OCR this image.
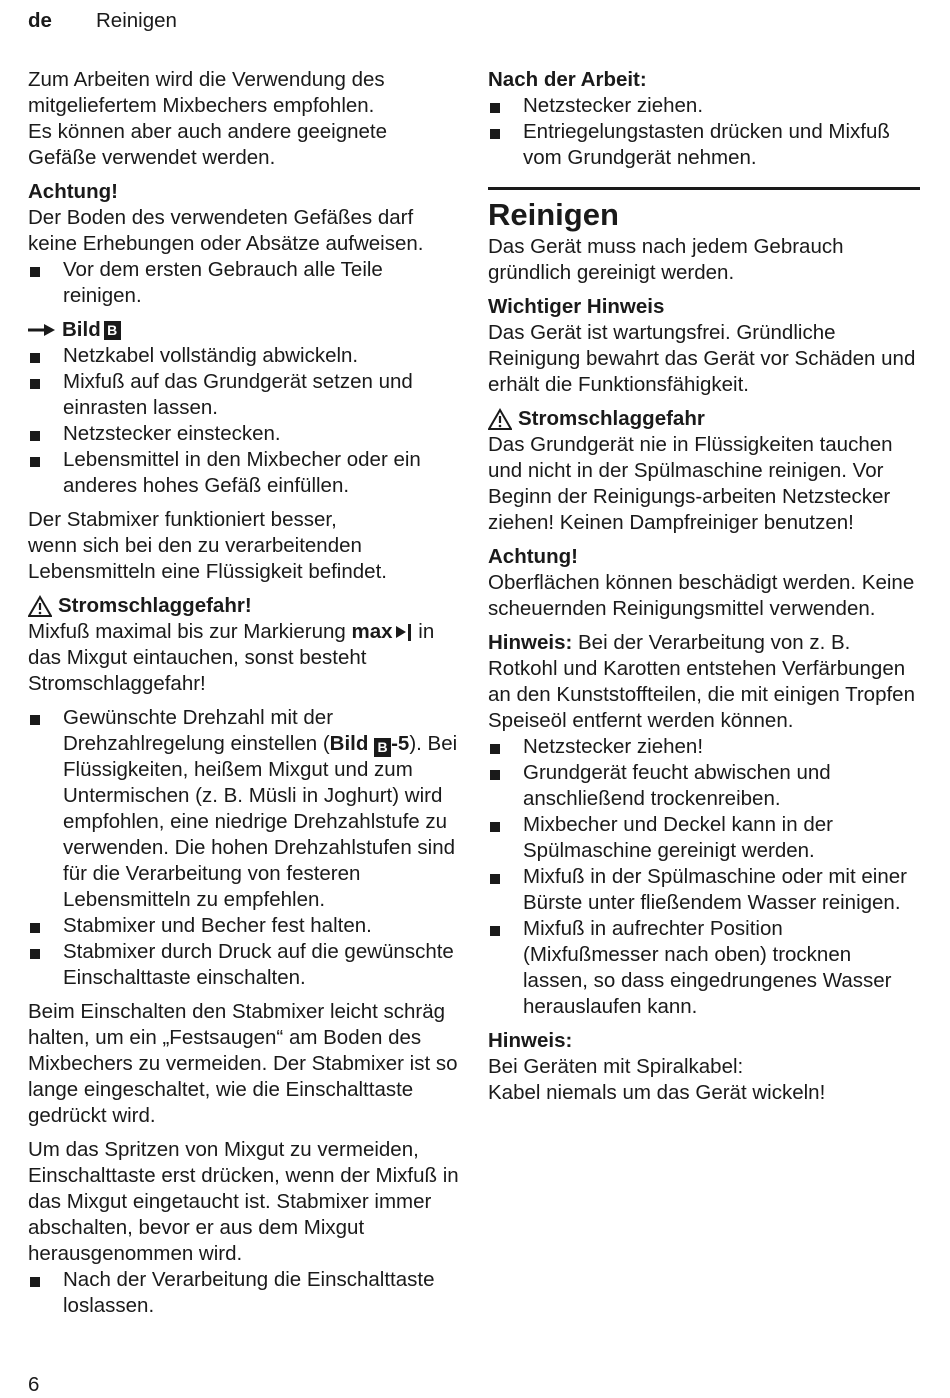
de Reinigen

Zum Arbeiten wird die Verwendung des

mitgeliefertem Mixbechers empfohlen.

Es können aber auch andere geeignete

Gefäße verwendet werden.

Achtung!

Der Boden des verwendeten Gefäßes darf

keine Erhebungen oder Absätze aufweisen.

Vor dem ersten Gebrauch alle Teile reinigen.

Bild B

Netzkabel vollständig abwickeln.
Mixfuß auf das Grundgerät setzen und einrasten lassen.
Netzstecker einstecken.
Lebensmittel in den Mixbecher oder ein anderes hohes Gefäß einfüllen.

Der Stabmixer funktioniert besser,

wenn sich bei den zu verarbeitenden

Lebensmitteln eine Flüssigkeit befindet.

Stromschlaggefahr!

Mixfuß maximal bis zur Markierung max in das Mixgut eintauchen, sonst besteht Stromschlaggefahr!

Gewünschte Drehzahl mit der Drehzahlregelung einstellen (Bild B -5). Bei Flüssigkeiten, heißem Mixgut und zum Untermischen (z. B. Müsli in Joghurt) wird empfohlen, eine niedrige Drehzahlstufe zu verwenden. Die hohen Drehzahlstufen sind für die Verarbeitung von festeren Lebensmitteln zu empfehlen.
Stabmixer und Becher fest halten.
Stabmixer durch Druck auf die gewünschte Einschalttaste einschalten.

Beim Einschalten den Stabmixer leicht schräg halten, um ein „Festsaugen“ am Boden des Mixbechers zu vermeiden. Der Stabmixer ist so lange eingeschaltet, wie die Einschalttaste gedrückt wird.

Um das Spritzen von Mixgut zu vermeiden, Einschalttaste erst drücken, wenn der Mixfuß in das Mixgut eingetaucht ist. Stabmixer immer abschalten, bevor er aus dem Mixgut herausgenommen wird.

Nach der Verarbeitung die Einschalttaste loslassen.

Nach der Arbeit:

Netzstecker ziehen.
Entriegelungstasten drücken und Mixfuß vom Grundgerät nehmen.

Reinigen

Das Gerät muss nach jedem Gebrauch gründlich gereinigt werden.

Wichtiger Hinweis

Das Gerät ist wartungsfrei. Gründliche Reinigung bewahrt das Gerät vor Schäden und erhält die Funktionsfähigkeit.

Stromschlaggefahr

Das Grundgerät nie in Flüssigkeiten tauchen und nicht in der Spülmaschine reinigen. Vor Beginn der Reinigungs-arbeiten Netzstecker ziehen! Keinen Dampfreiniger benutzen!

Achtung!

Oberflächen können beschädigt werden. Keine scheuernden Reinigungsmittel verwenden.

Hinweis: Bei der Verarbeitung von z. B. Rotkohl und Karotten entstehen Verfärbungen an den Kunststoffteilen, die mit einigen Tropfen Speiseöl entfernt werden können.

Netzstecker ziehen!
Grundgerät feucht abwischen und anschließend trockenreiben.
Mixbecher und Deckel kann in der Spülmaschine gereinigt werden.
Mixfuß in der Spülmaschine oder mit einer Bürste unter fließendem Wasser reinigen.
Mixfuß in aufrechter Position (Mixfußmesser nach oben) trocknen lassen, so dass eingedrungenes Wasser herauslaufen kann.

Hinweis:

Bei Geräten mit Spiralkabel:

Kabel niemals um das Gerät wickeln!

6
